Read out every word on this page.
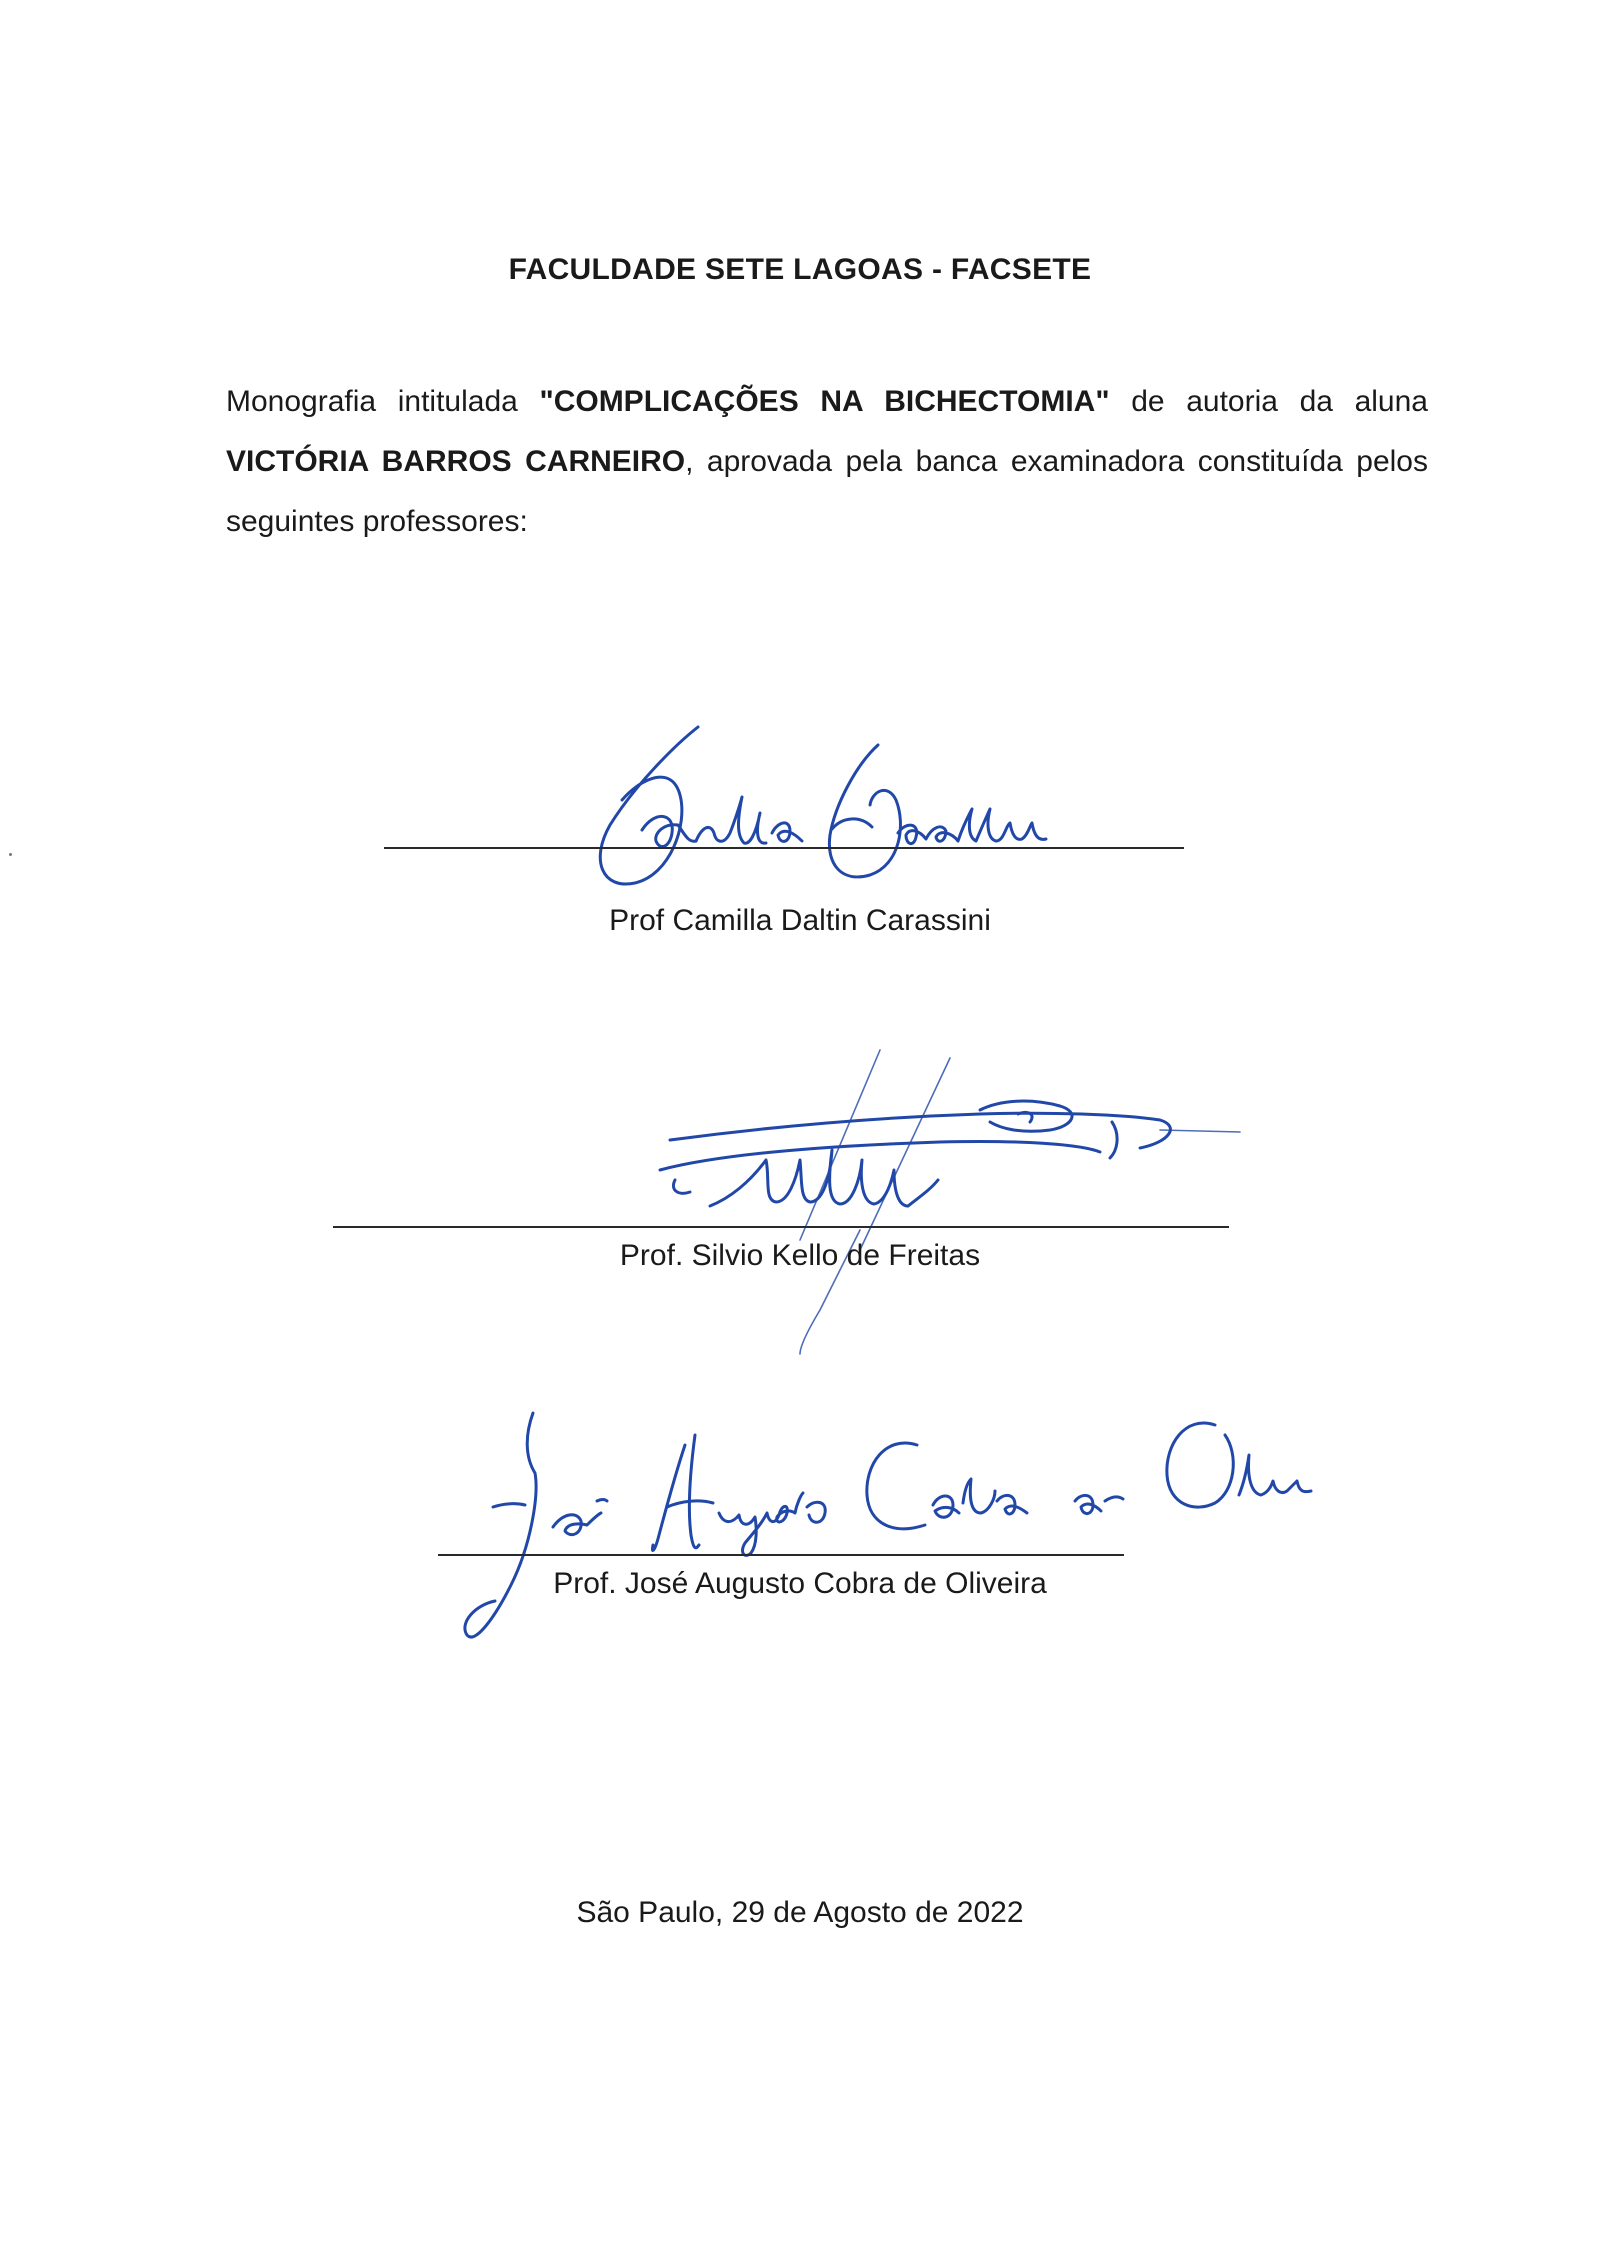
FACULDADE SETE LAGOAS - FACSETE
Monografia intitulada "COMPLICAÇÕES NA BICHECTOMIA" de autoria da aluna VICTÓRIA BARROS CARNEIRO, aprovada pela banca examinadora constituída pelos seguintes professores:
Prof Camilla Daltin Carassini
Prof. Silvio Kello de Freitas
Prof. José Augusto Cobra de Oliveira
São Paulo, 29 de Agosto de 2022
